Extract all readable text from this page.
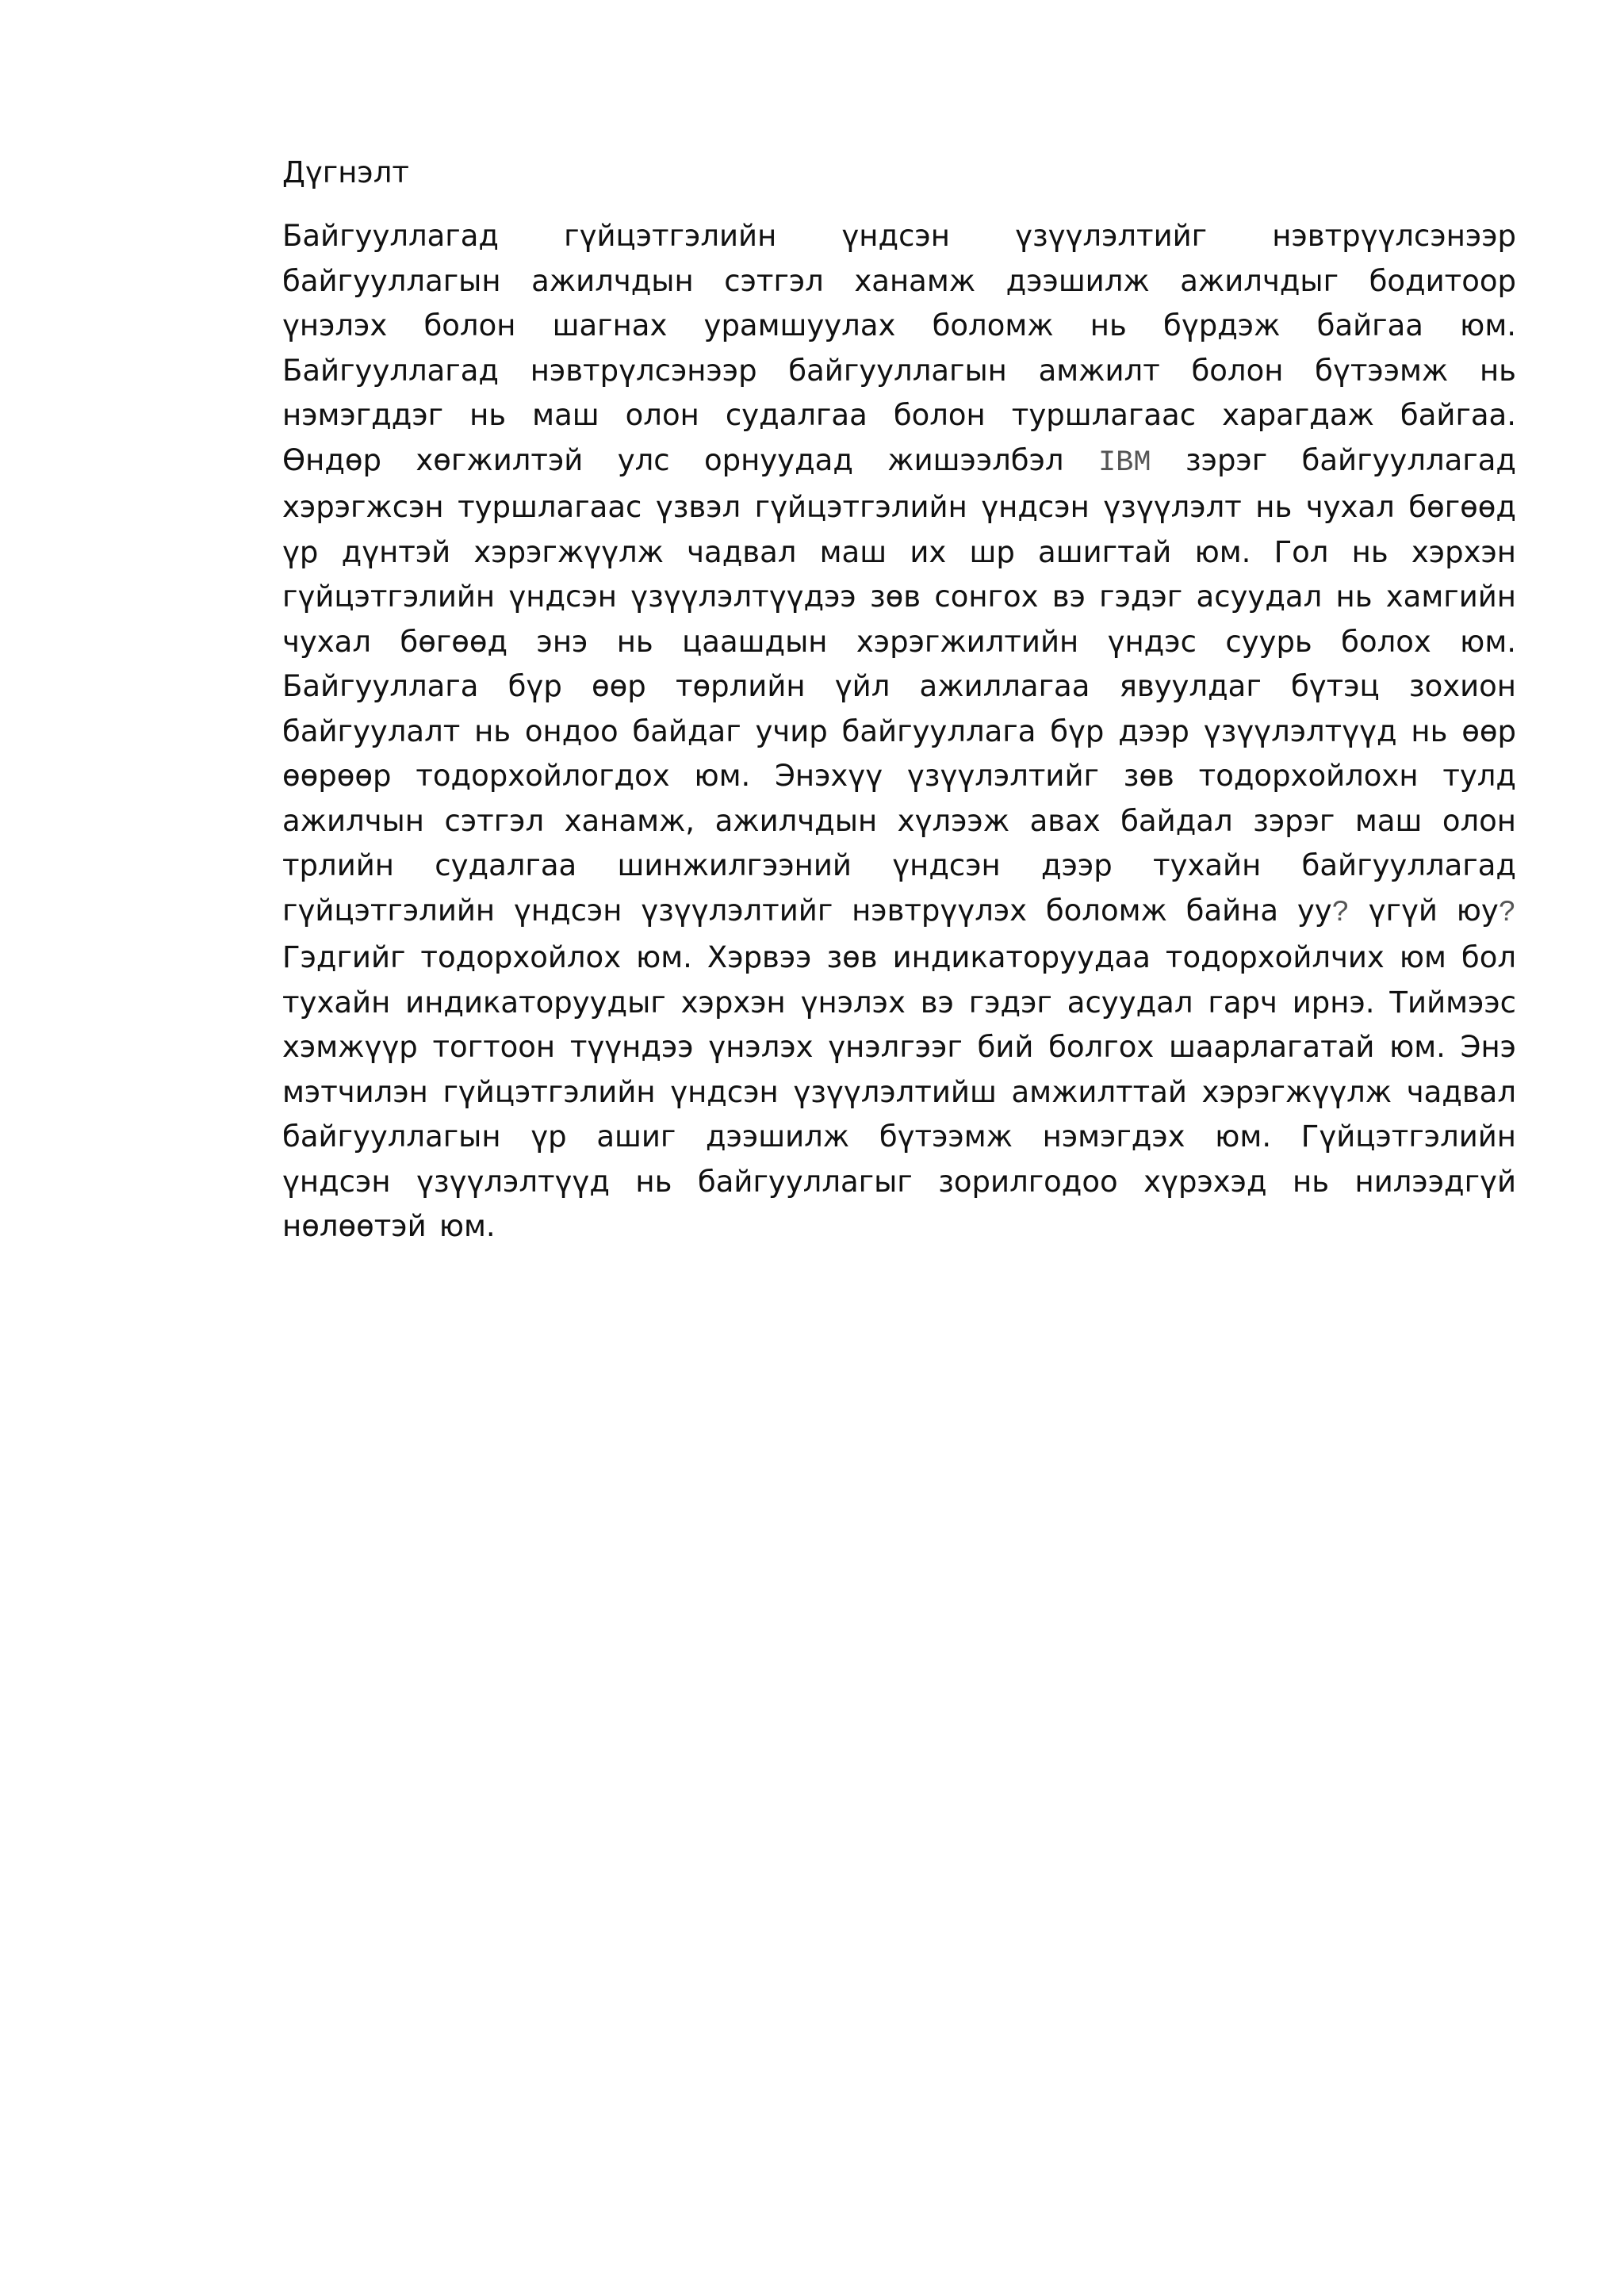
Дүгнэлт

Байгууллагад гүйцэтгэлийн үндсэн үзүүлэлтийг нэвтрүүлсэнээр байгууллагын ажилчдын сэтгэл ханамж дээшилж ажилчдыг бодитоор үнэлэх болон шагнах урамшуулах боломж нь бүрдэж байгаа юм. Байгууллагад нэвтрүлсэнээр байгууллагын амжилт болон бүтээмж нь нэмэгддэг нь маш олон судалгаа болон туршлагаас харагдаж байгаа. Өндөр хөгжилтэй улс орнуудад жишээлбэл IBM зэрэг байгууллагад хэрэгжсэн туршлагаас үзвэл гүйцэтгэлийн үндсэн үзүүлэлт нь чухал бөгөөд үр дүнтэй хэрэгжүүлж чадвал маш их шр ашигтай юм. Гол нь хэрхэн гүйцэтгэлийн үндсэн үзүүлэлтүүдээ зөв сонгох вэ гэдэг асуудал нь хамгийн чухал бөгөөд энэ нь цаашдын хэрэгжилтийн үндэс суурь болох юм. Байгууллага бүр өөр төрлийн үйл ажиллагаа явуулдаг бүтэц зохион байгуулалт нь ондоо байдаг учир байгууллага бүр дээр үзүүлэлтүүд нь өөр өөрөөр тодорхойлогдох юм. Энэхүү үзүүлэлтийг зөв тодорхойлохн тулд ажилчын сэтгэл ханамж, ажилчдын хүлээж авах байдал зэрэг маш олон трлийн судалгаа шинжилгээний үндсэн дээр тухайн байгууллагад гүйцэтгэлийн үндсэн үзүүлэлтийг нэвтрүүлэх боломж байна уу? үгүй юу? Гэдгийг тодорхойлох юм. Хэрвээ зөв индикаторуудаа тодорхойлчих юм бол тухайн индикаторуудыг хэрхэн үнэлэх вэ гэдэг асуудал гарч ирнэ. Тиймээс хэмжүүр тогтоон түүндээ үнэлэх үнэлгээг бий болгох шаарлагатай юм. Энэ мэтчилэн гүйцэтгэлийн үндсэн үзүүлэлтийш амжилттай хэрэгжүүлж чадвал байгууллагын үр ашиг дээшилж бүтээмж нэмэгдэх юм. Гүйцэтгэлийн үндсэн үзүүлэлтүүд нь байгууллагыг зорилгодоо хүрэхэд нь нилээдгүй нөлөөтэй юм.
